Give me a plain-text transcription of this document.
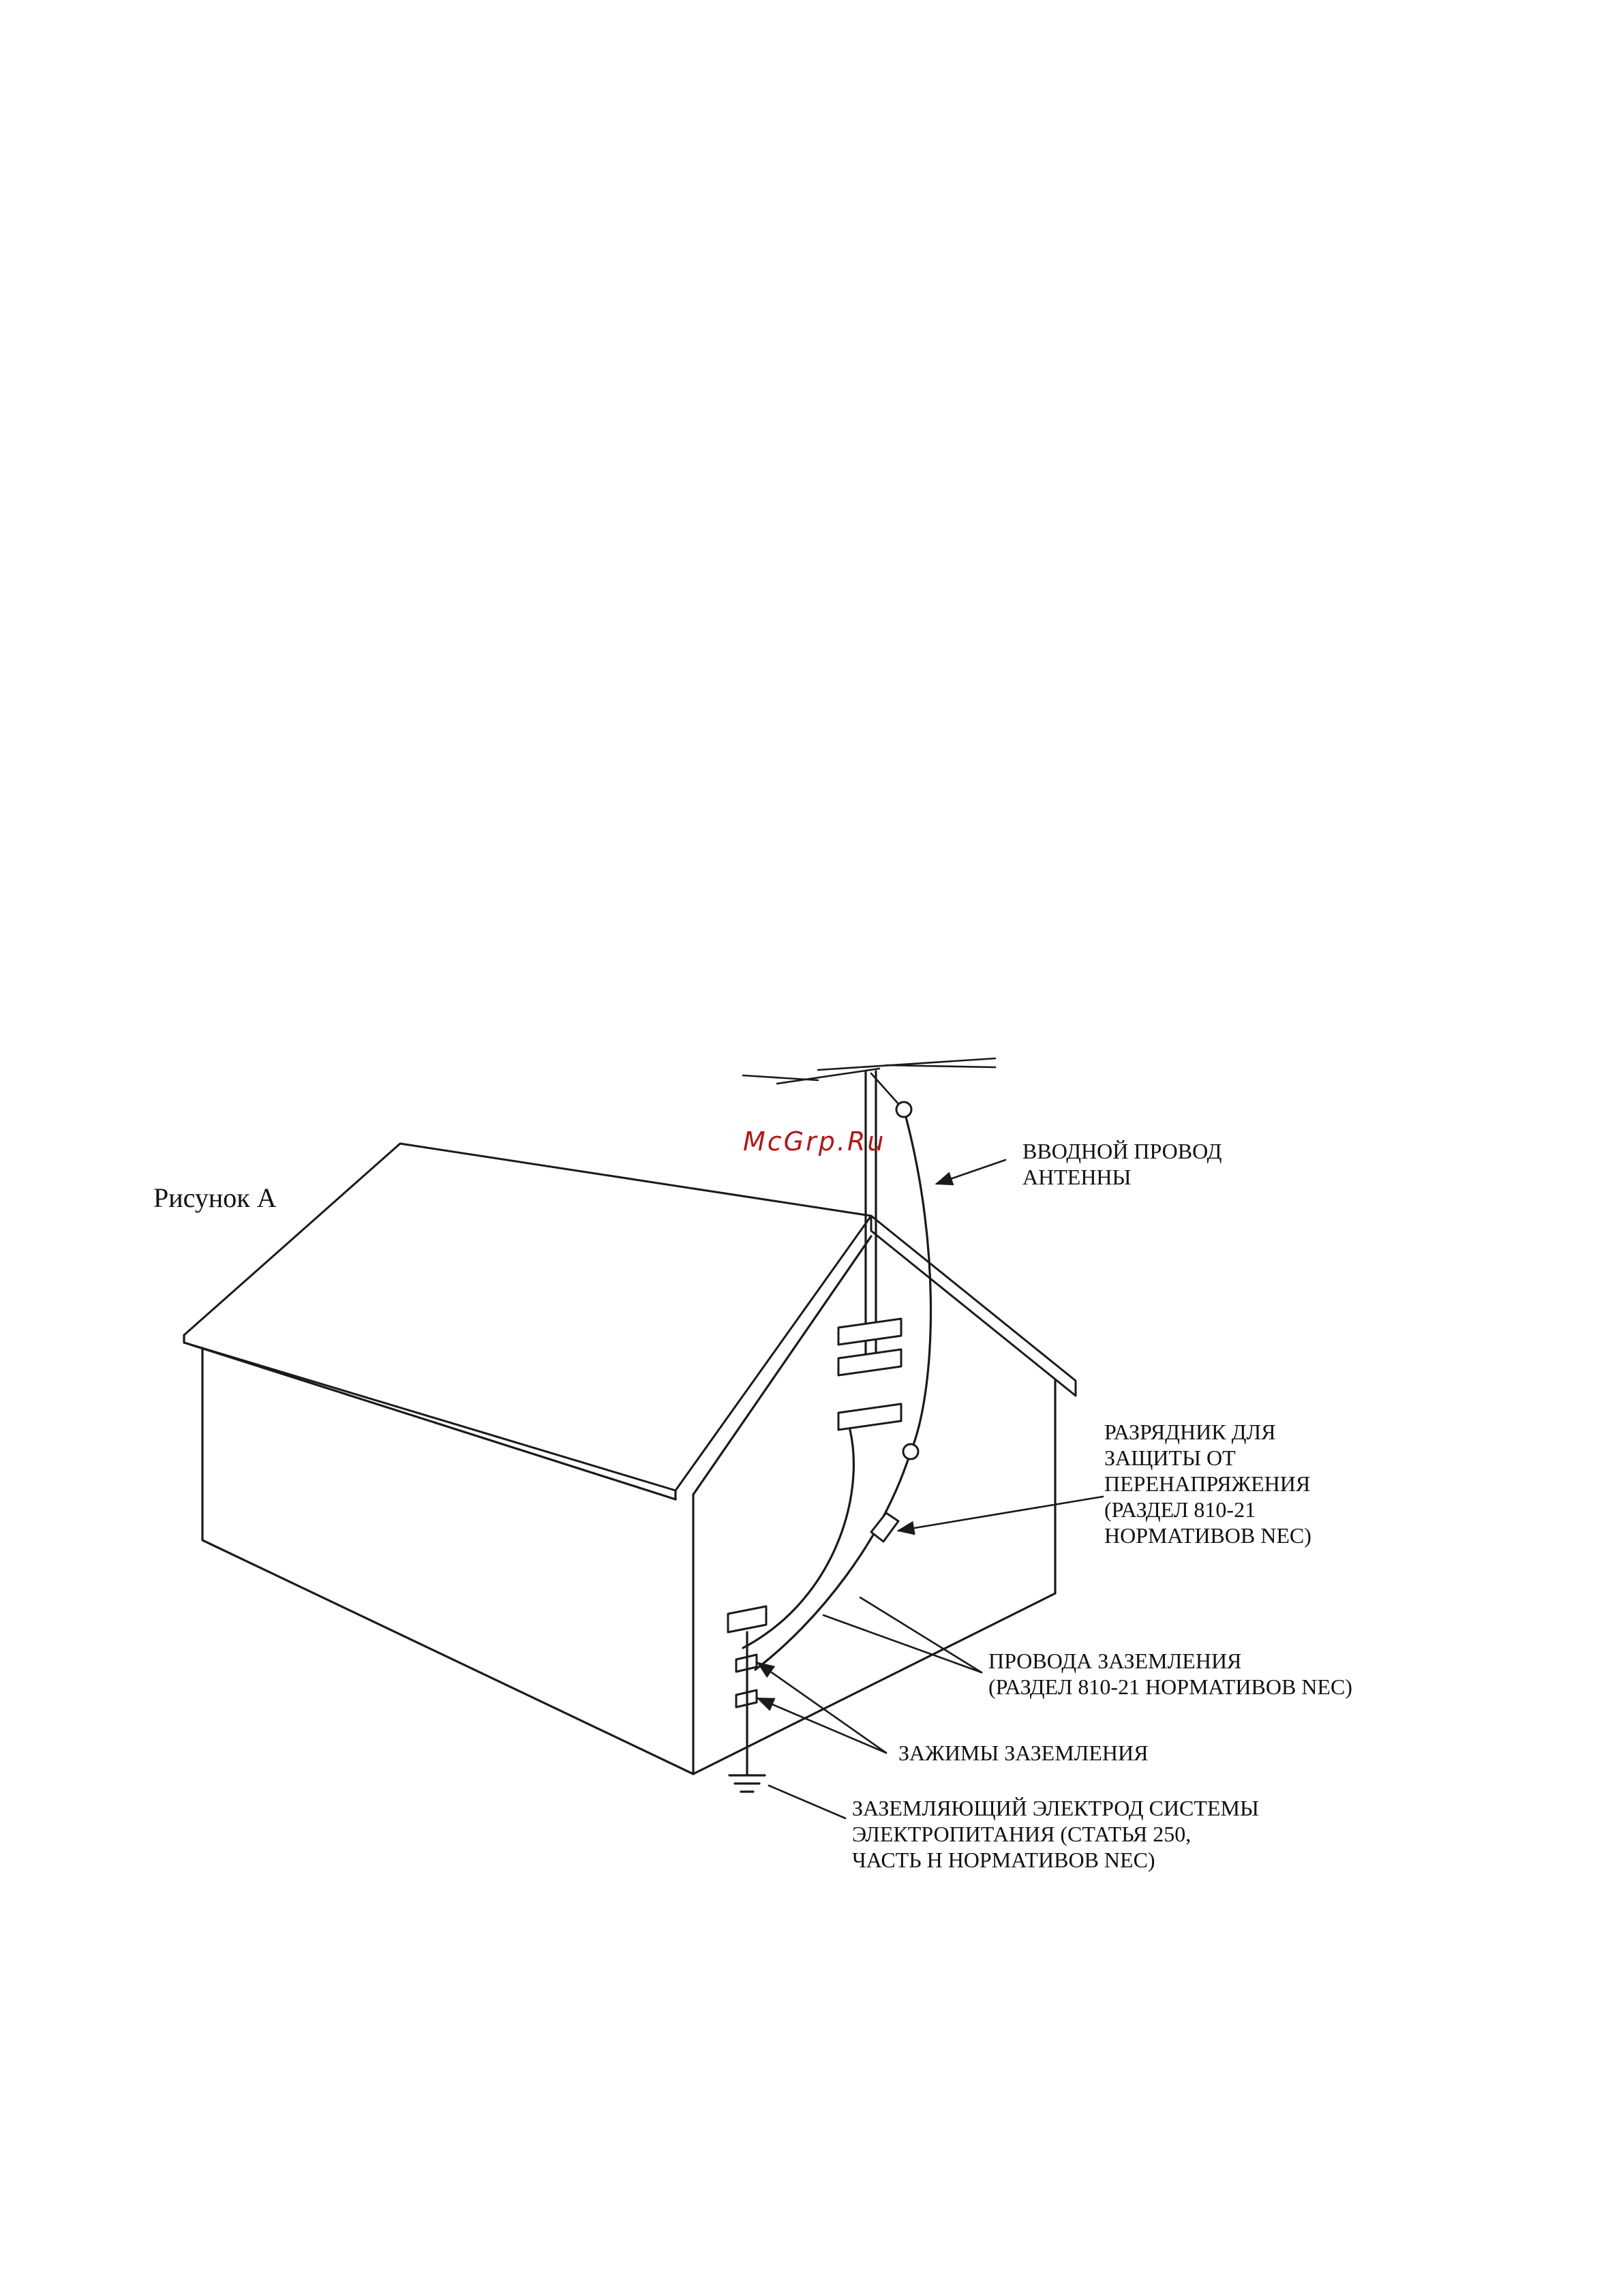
Рисунок А
McGrp.Ru	ВВОДНОЙ ПРОВОД АНТЕННЫ
РАЗРЯДНИК ДЛЯ ЗАЩИТЫ ОТ ПЕРЕНАПРЯЖЕНИЯ (РАЗДЕЛ 810-21 НОРМАТИВОВ NEC)
ПРОВОДА ЗАЗЕМЛЕНИЯ (РАЗДЕЛ 810-21 НОРМАТИВОВ NEC)
ЗАЖИМЫ ЗАЗЕМЛЕНИЯ
ЗАЗЕМЛЯЮЩИЙ ЭЛЕКТРОД СИСТЕМЫ ЭЛЕКТРОПИТАНИЯ (СТАТЬЯ 250, ЧАСТЬ Н НОРМАТИВОВ NEC)
